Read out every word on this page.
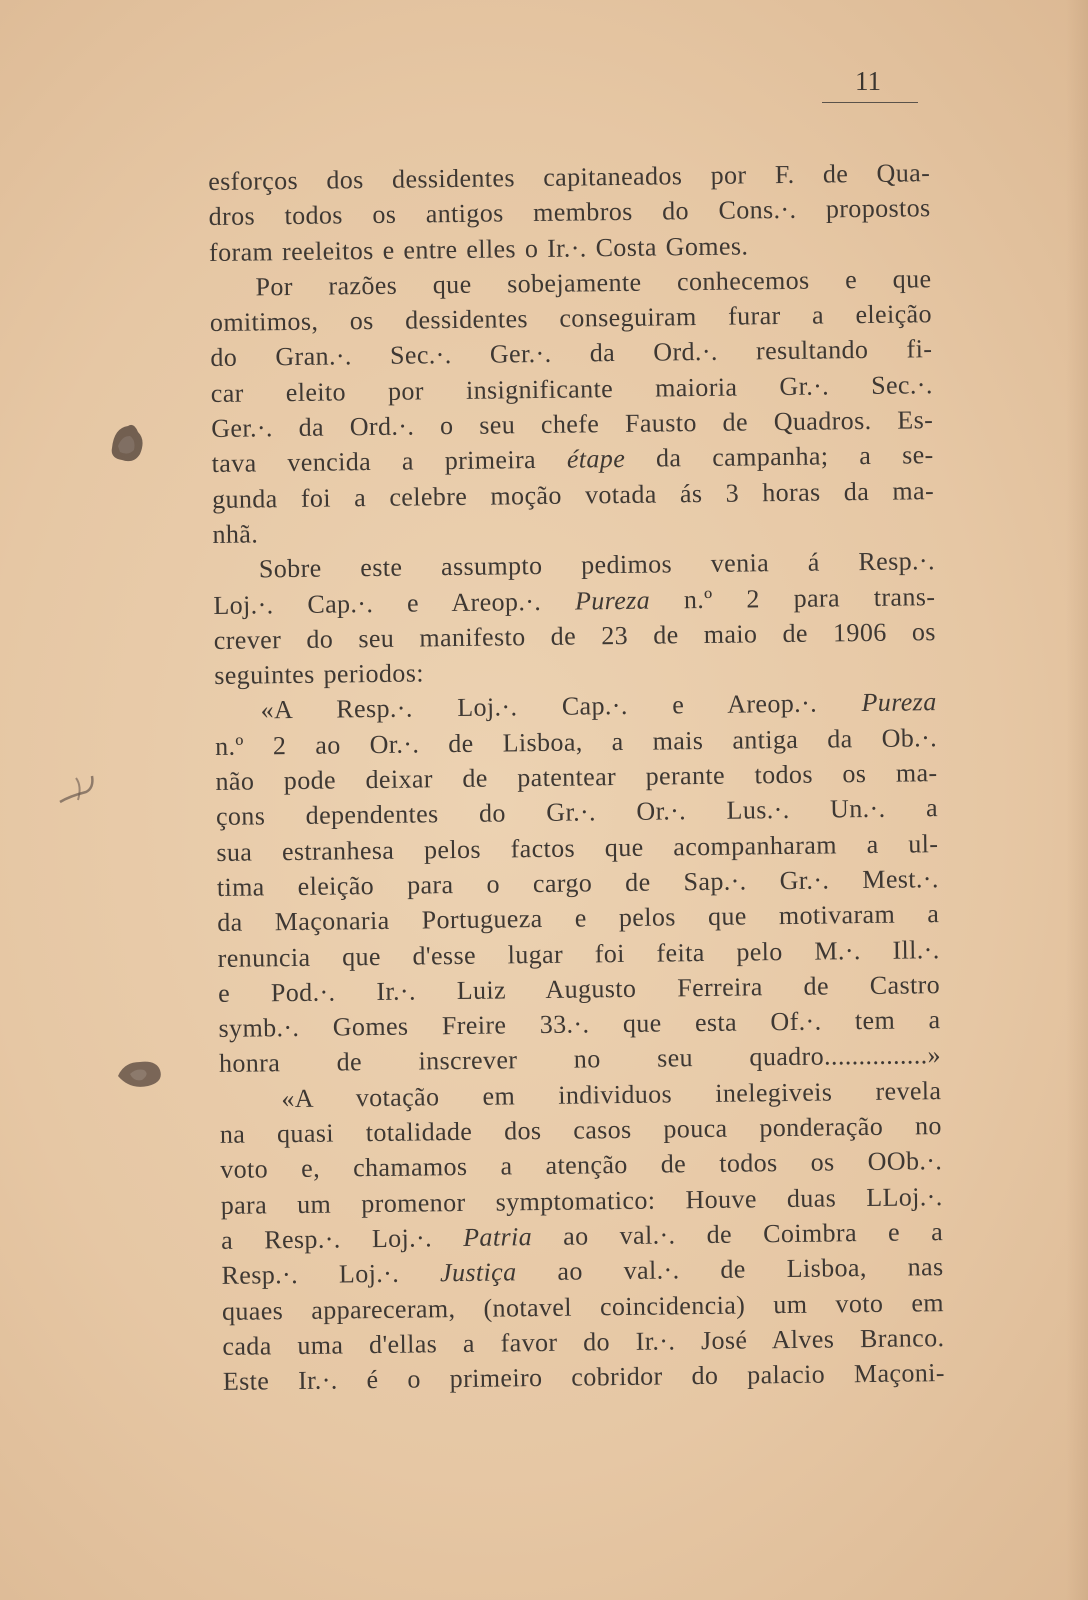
11
esforços dos dessidentes capitaneados por F. de Qua-
dros todos os antigos membros do Cons.·. propostos
foram reeleitos e entre elles o Ir.·. Costa Gomes.
Por razões que sobejamente conhecemos e que
omitimos, os dessidentes conseguiram furar a eleição
do Gran.·. Sec.·. Ger.·. da Ord.·. resultando fi-
car eleito por insignificante maioria Gr.·. Sec.·.
Ger.·. da Ord.·. o seu chefe Fausto de Quadros. Es-
tava vencida a primeira étape da campanha; a se-
gunda foi a celebre moção votada ás 3 horas da ma-
nhã.
Sobre este assumpto pedimos venia á Resp.·.
Loj.·. Cap.·. e Areop.·. Pureza n.º 2 para trans-
crever do seu manifesto de 23 de maio de 1906 os
seguintes periodos:
«A Resp.·. Loj.·. Cap.·. e Areop.·. Pureza
n.º 2 ao Or.·. de Lisboa, a mais antiga da Ob.·.
não pode deixar de patentear perante todos os ma-
çons dependentes do Gr.·. Or.·. Lus.·. Un.·. a
sua estranhesa pelos factos que acompanharam a ul-
tima eleição para o cargo de Sap.·. Gr.·. Mest.·.
da Maçonaria Portugueza e pelos que motivaram a
renuncia que d'esse lugar foi feita pelo M.·. Ill.·.
e Pod.·. Ir.·. Luiz Augusto Ferreira de Castro
symb.·. Gomes Freire 33.·. que esta Of.·. tem a
honra de inscrever no seu quadro...............»
«A votação em individuos inelegiveis revela
na quasi totalidade dos casos pouca ponderação no
voto e, chamamos a atenção de todos os OOb.·.
para um promenor symptomatico: Houve duas LLoj.·.
a Resp.·. Loj.·. Patria ao val.·. de Coimbra e a
Resp.·. Loj.·. Justiça ao val.·. de Lisboa, nas
quaes appareceram, (notavel coincidencia) um voto em
cada uma d'ellas a favor do Ir.·. José Alves Branco.
Este Ir.·. é o primeiro cobridor do palacio Maçoni-
